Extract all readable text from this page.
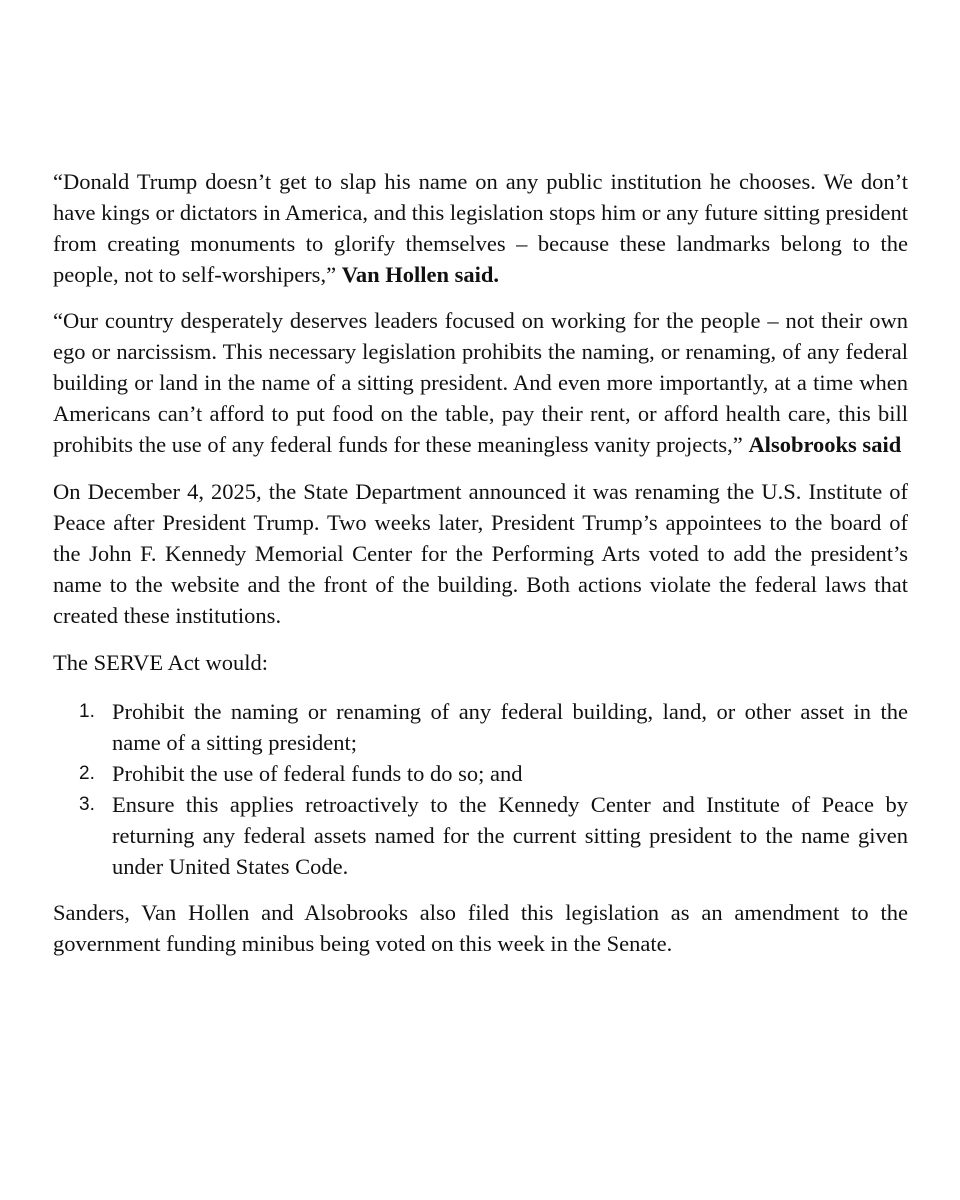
“Donald Trump doesn’t get to slap his name on any public institution he chooses. We don’t have kings or dictators in America, and this legislation stops him or any future sitting president from creating monuments to glorify themselves – because these landmarks belong to the people, not to self-worshipers,” Van Hollen said.

“Our country desperately deserves leaders focused on working for the people – not their own ego or narcissism. This necessary legislation prohibits the naming, or renaming, of any federal building or land in the name of a sitting president. And even more importantly, at a time when Americans can’t afford to put food on the table, pay their rent, or afford health care, this bill prohibits the use of any federal funds for these meaningless vanity projects,” Alsobrooks said

On December 4, 2025, the State Department announced it was renaming the U.S. Institute of Peace after President Trump. Two weeks later, President Trump’s appointees to the board of the John F. Kennedy Memorial Center for the Performing Arts voted to add the president’s name to the website and the front of the building. Both actions violate the federal laws that created these institutions.

The SERVE Act would:

1. Prohibit the naming or renaming of any federal building, land, or other asset in the name of a sitting president;
2. Prohibit the use of federal funds to do so; and
3. Ensure this applies retroactively to the Kennedy Center and Institute of Peace by returning any federal assets named for the current sitting president to the name given under United States Code.

Sanders, Van Hollen and Alsobrooks also filed this legislation as an amendment to the government funding minibus being voted on this week in the Senate.
